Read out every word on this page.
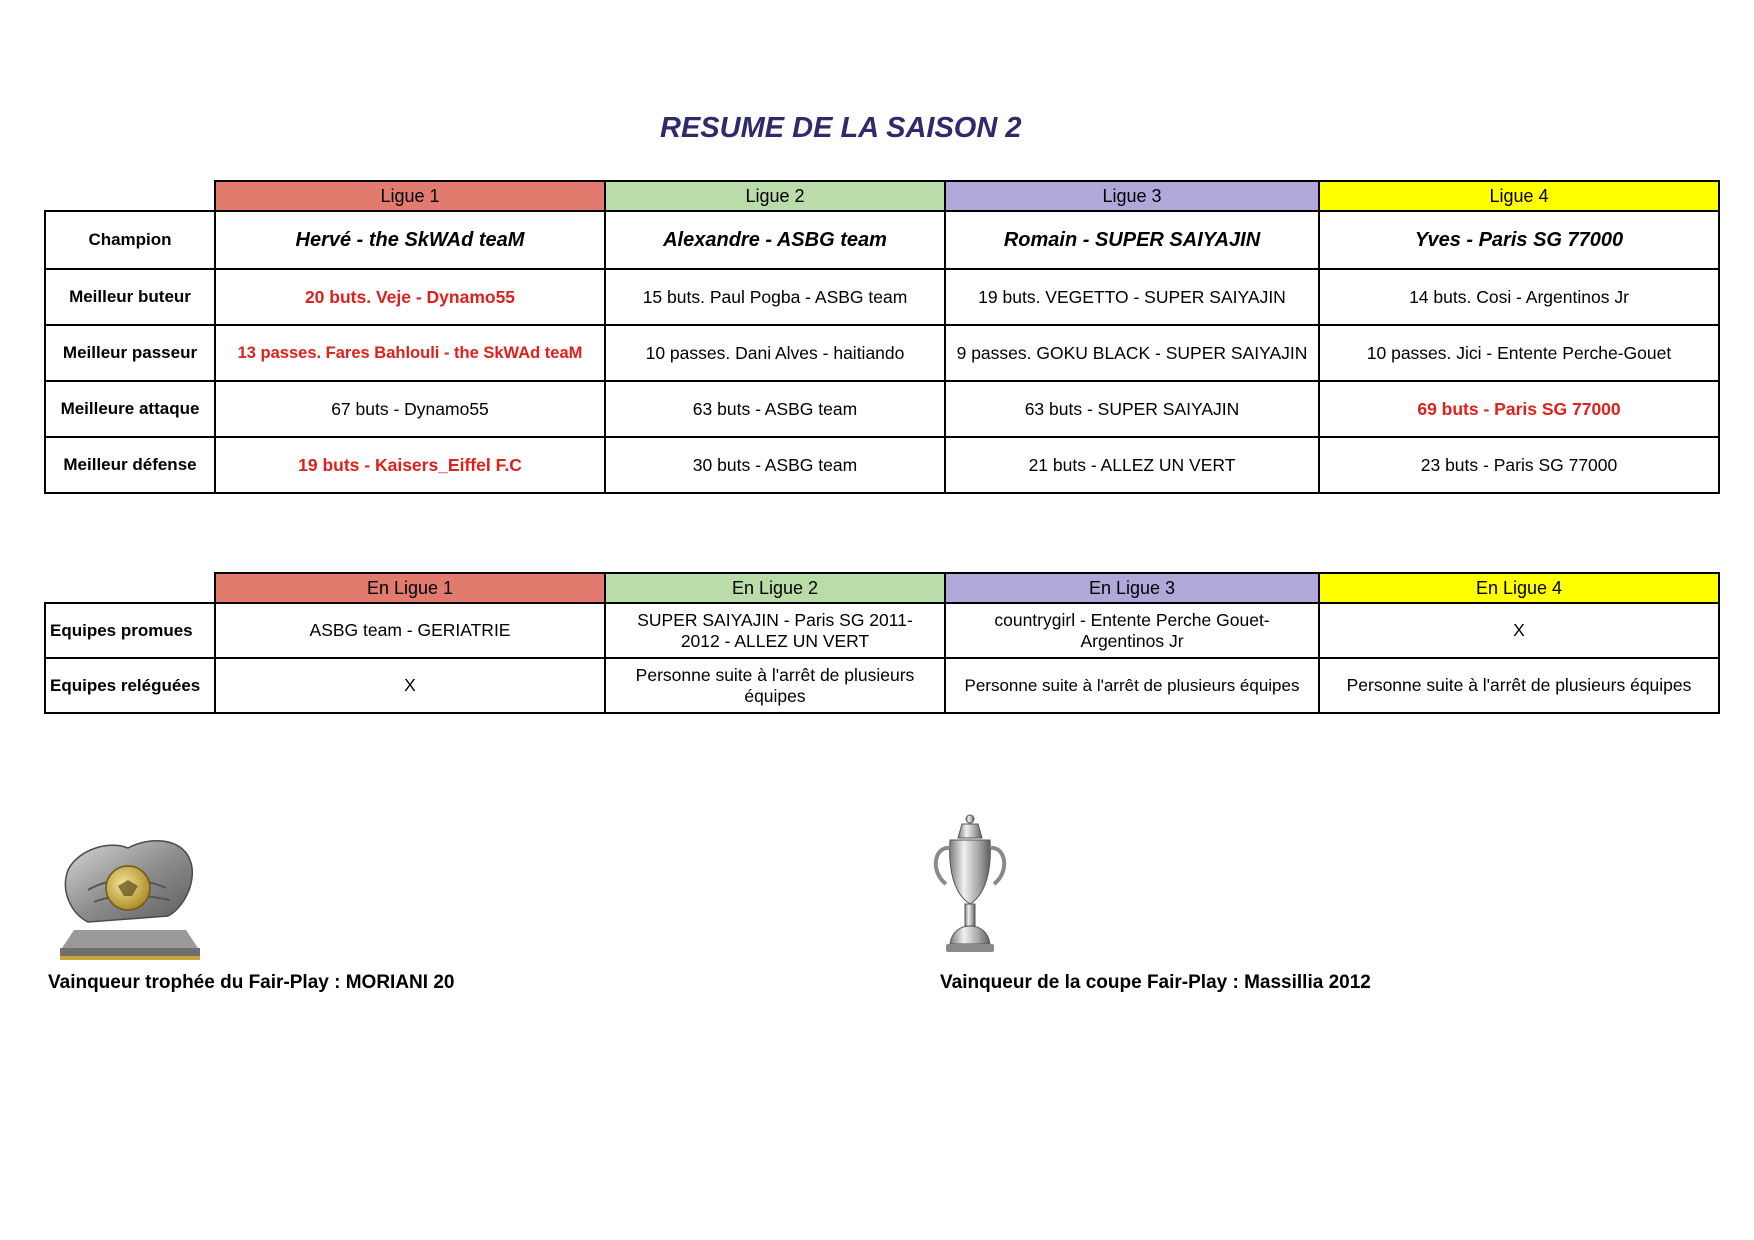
RESUME DE LA SAISON 2
	Ligue 1	Ligue 2	Ligue 3	Ligue 4
Champion	Hervé - the SkWAd teaM	Alexandre - ASBG team	Romain - SUPER SAIYAJIN	Yves - Paris SG 77000
Meilleur buteur	20 buts. Veje - Dynamo55	15 buts. Paul Pogba - ASBG team	19 buts. VEGETTO - SUPER SAIYAJIN	14 buts. Cosi - Argentinos Jr
Meilleur passeur	13 passes. Fares Bahlouli - the SkWAd teaM	10 passes. Dani Alves - haitiando	9 passes. GOKU BLACK - SUPER SAIYAJIN	10 passes. Jici - Entente Perche-Gouet
Meilleure attaque	67 buts - Dynamo55	63 buts - ASBG team	63 buts - SUPER SAIYAJIN	69 buts - Paris SG 77000
Meilleur défense	19 buts - Kaisers_Eiffel F.C	30 buts - ASBG team	21 buts - ALLEZ UN VERT	23 buts - Paris SG 77000
	En Ligue 1	En Ligue 2	En Ligue 3	En Ligue 4
Equipes promues	ASBG team - GERIATRIE	SUPER SAIYAJIN - Paris SG 2011-2012 - ALLEZ UN VERT	countrygirl - Entente Perche Gouet-Argentinos Jr	X
Equipes reléguées	X	Personne suite à l'arrêt de plusieurs équipes	Personne suite à l'arrêt de plusieurs équipes	Personne suite à l'arrêt de plusieurs équipes
Vainqueur trophée du Fair-Play : MORIANI 20	Vainqueur de la coupe Fair-Play : Massillia 2012
